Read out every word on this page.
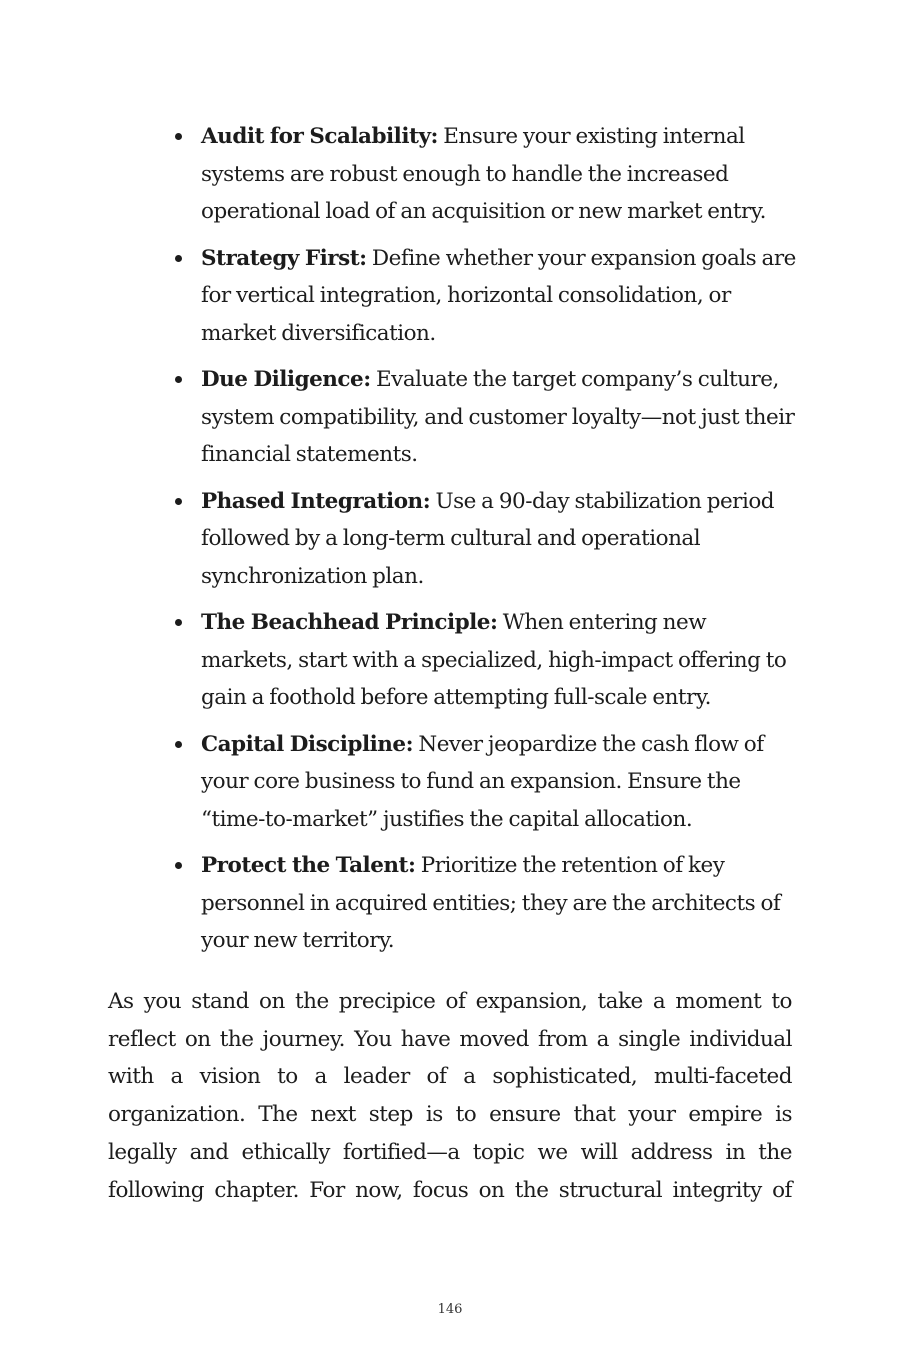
Audit for Scalability: Ensure your existing internal systems are robust enough to handle the increased operational load of an acquisition or new market entry.
Strategy First: Define whether your expansion goals are for vertical integration, horizontal consolidation, or market diversification.
Due Diligence: Evaluate the target company’s culture, system compatibility, and customer loyalty—not just their financial statements.
Phased Integration: Use a 90-day stabilization period followed by a long-term cultural and operational synchronization plan.
The Beachhead Principle: When entering new markets, start with a specialized, high-impact offering to gain a foothold before attempting full-scale entry.
Capital Discipline: Never jeopardize the cash flow of your core business to fund an expansion. Ensure the “time-to-market” justifies the capital allocation.
Protect the Talent: Prioritize the retention of key personnel in acquired entities; they are the architects of your new territory.

As you stand on the precipice of expansion, take a moment to reflect on the journey. You have moved from a single individual with a vision to a leader of a sophisticated, multi-faceted organization. The next step is to ensure that your empire is legally and ethically fortified—a topic we will address in the following chapter. For now, focus on the structural integrity of

146
